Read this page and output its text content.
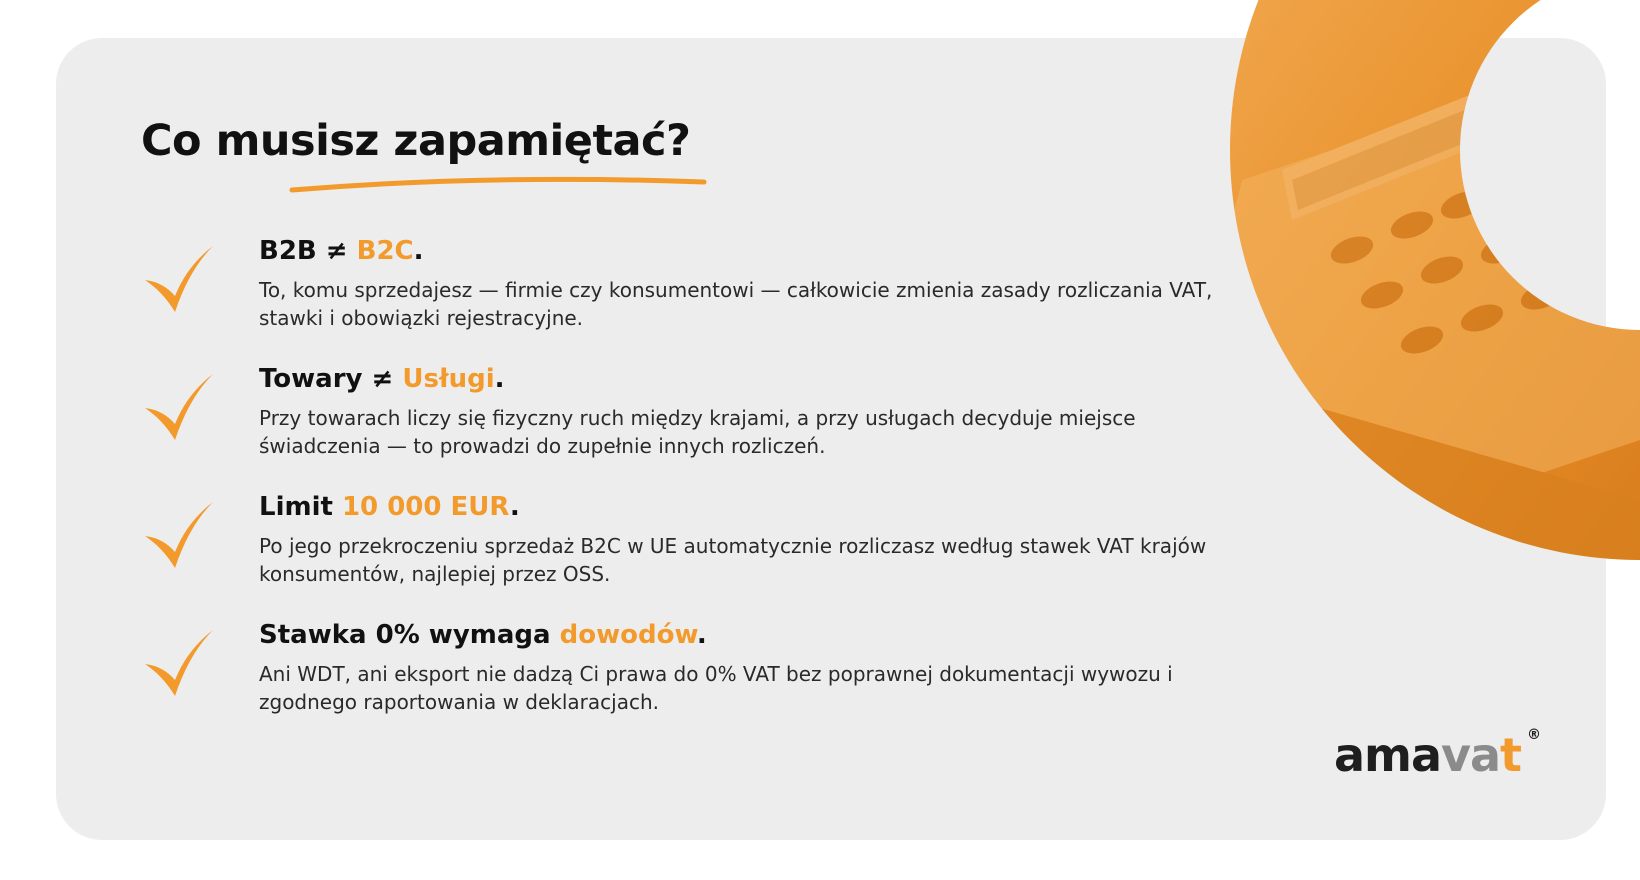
Co musisz zapamiętać?

B2B ≠ B2C.

To, komu sprzedajesz — firmie czy konsumentowi — całkowicie zmienia zasady rozliczania VAT, stawki i obowiązki rejestracyjne.

Towary ≠ Usługi.

Przy towarach liczy się fizyczny ruch między krajami, a przy usługach decyduje miejsce świadczenia — to prowadzi do zupełnie innych rozliczeń.

Limit 10 000 EUR.

Po jego przekroczeniu sprzedaż B2C w UE automatycznie rozliczasz według stawek VAT krajów konsumentów, najlepiej przez OSS.

Stawka 0% wymaga dowodów.

Ani WDT, ani eksport nie dadzą Ci prawa do 0% VAT bez poprawnej dokumentacji wywozu i zgodnego raportowania w deklaracjach.

amavat ®
